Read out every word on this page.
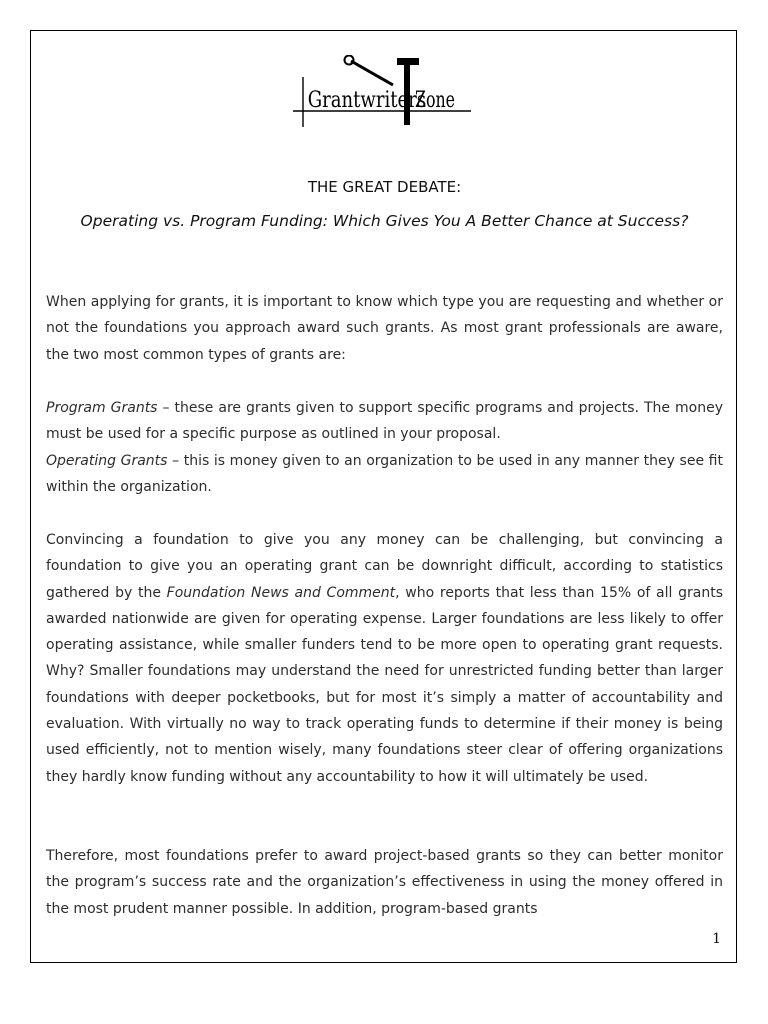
Grantwriters
Zone
THE GREAT DEBATE:
Operating vs. Program Funding: Which Gives You A Better Chance at Success?

When applying for grants, it is important to know which type you are requesting and whether or not the foundations you approach award such grants. As most grant professionals are aware, the two most common types of grants are:

Program Grants – these are grants given to support specific programs and projects. The money must be used for a specific purpose as outlined in your proposal.

Operating Grants – this is money given to an organization to be used in any manner they see fit within the organization.

Convincing a foundation to give you any money can be challenging, but convincing a foundation to give you an operating grant can be downright difficult, according to statistics gathered by the Foundation News and Comment, who reports that less than 15% of all grants awarded nationwide are given for operating expense. Larger foundations are less likely to offer operating assistance, while smaller funders tend to be more open to operating grant requests. Why? Smaller foundations may understand the need for unrestricted funding better than larger foundations with deeper pocketbooks, but for most it’s simply a matter of accountability and evaluation. With virtually no way to track operating funds to determine if their money is being used efficiently, not to mention wisely, many foundations steer clear of offering organizations they hardly know funding without any accountability to how it will ultimately be used.

Therefore, most foundations prefer to award project-based grants so they can better monitor the program’s success rate and the organization’s effectiveness in using the money offered in the most prudent manner possible. In addition, program-based grants

1
